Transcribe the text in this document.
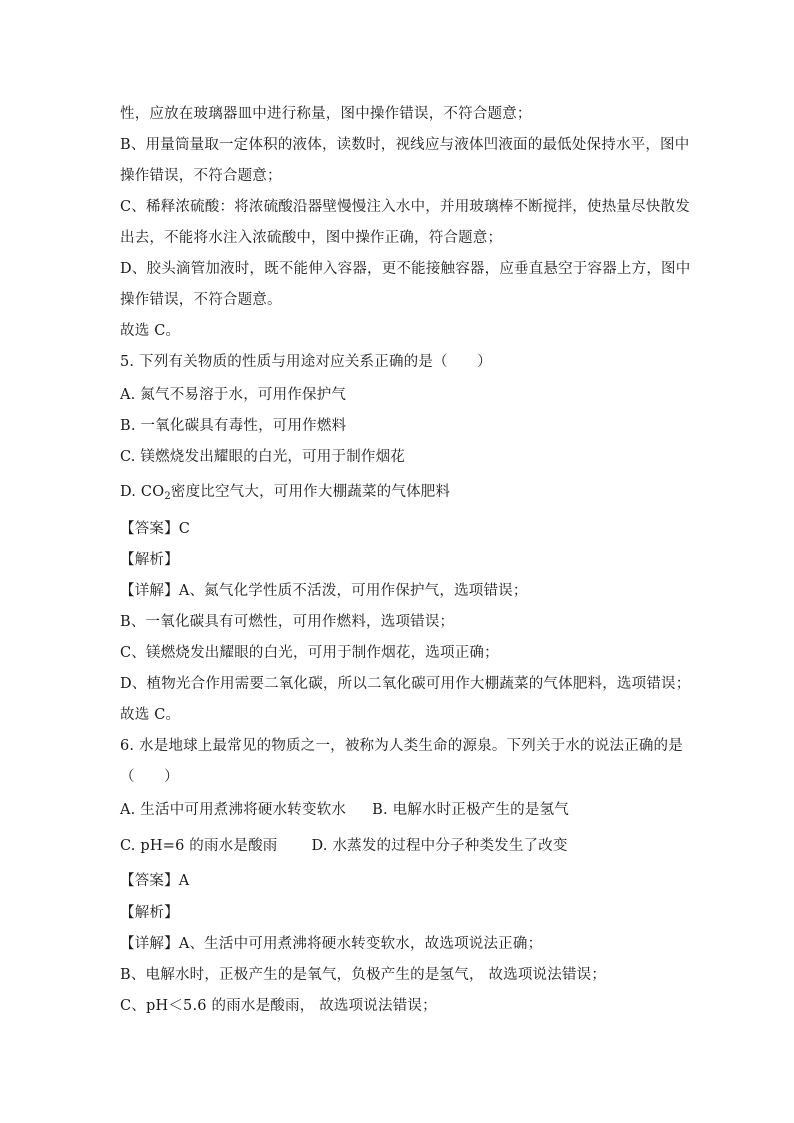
性，应放在玻璃器皿中进行称量，图中操作错误，不符合题意；
B、用量筒量取一定体积的液体，读数时，视线应与液体凹液面的最低处保持水平，图中
操作错误，不符合题意；
C、稀释浓硫酸：将浓硫酸沿器壁慢慢注入水中，并用玻璃棒不断搅拌，使热量尽快散发
出去，不能将水注入浓硫酸中，图中操作正确，符合题意；
D、胶头滴管加液时，既不能伸入容器，更不能接触容器，应垂直悬空于容器上方，图中
操作错误，不符合题意。
故选 C。
5. 下列有关物质的性质与用途对应关系正确的是（　　）
A. 氮气不易溶于水，可用作保护气
B. 一氧化碳具有毒性，可用作燃料
C. 镁燃烧发出耀眼的白光，可用于制作烟花
D. $CO_2$密度比空气大，可用作大棚蔬菜的气体肥料
【答案】C
【解析】
【详解】A、氮气化学性质不活泼，可用作保护气，选项错误；
B、一氧化碳具有可燃性，可用作燃料，选项错误；
C、镁燃烧发出耀眼的白光，可用于制作烟花，选项正确；
D、植物光合作用需要二氧化碳，所以二氧化碳可用作大棚蔬菜的气体肥料，选项错误；
故选 C。
6. 水是地球上最常见的物质之一，被称为人类生命的源泉。下列关于水的说法正确的是
（　　）
A. 生活中可用煮沸将硬水转变软水 B. 电解水时正极产生的是氢气
C. pH=6 的雨水是酸雨 D. 水蒸发的过程中分子种类发生了改变
【答案】A
【解析】
【详解】A、生活中可用煮沸将硬水转变软水，故选项说法正确；
B、电解水时，正极产生的是氧气，负极产生的是氢气， 故选项说法错误；
C、pH＜5.6 的雨水是酸雨， 故选项说法错误；
